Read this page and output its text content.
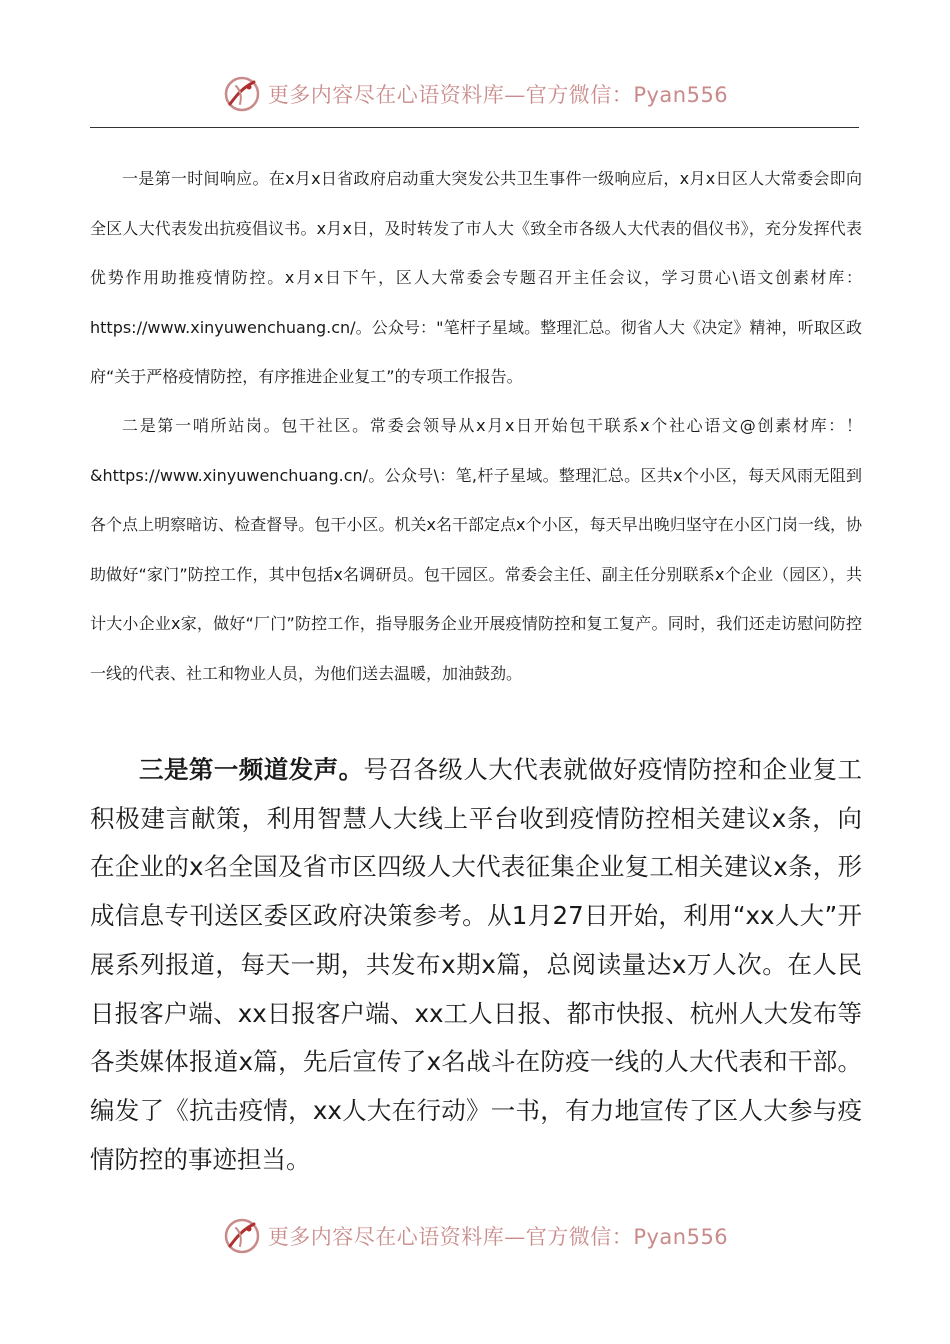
更多内容尽在心语资料库—官方微信：Pyan556

一是第一时间响应。在x月x日省政府启动重大突发公共卫生事件一级响应后，x月x日区人大常委会即向全区人大代表发出抗疫倡议书。x月x日，及时转发了市人大《致全市各级人大代表的倡仪书》，充分发挥代表优势作用助推疫情防控。x月x日下午，区人大常委会专题召开主任会议，学习贯心\语文创素材库：https://www.xinyuwenchuang.cn/。公众号："笔杆子星域。整理汇总。彻省人大《决定》精神，听取区政府“关于严格疫情防控，有序推进企业复工”的专项工作报告。

二是第一哨所站岗。包干社区。常委会领导从x月x日开始包干联系x个社心语文@创素材库：！&https://www.xinyuwenchuang.cn/。公众号\：笔,杆子星域。整理汇总。区共x个小区，每天风雨无阻到各个点上明察暗访、检查督导。包干小区。机关x名干部定点x个小区，每天早出晚归坚守在小区门岗一线，协助做好“家门”防控工作，其中包括x名调研员。包干园区。常委会主任、副主任分别联系x个企业（园区），共计大小企业x家，做好“厂门”防控工作，指导服务企业开展疫情防控和复工复产。同时，我们还走访慰问防控一线的代表、社工和物业人员，为他们送去温暖，加油鼓劲。

三是第一频道发声。号召各级人大代表就做好疫情防控和企业复工积极建言献策，利用智慧人大线上平台收到疫情防控相关建议x条，向在企业的x名全国及省市区四级人大代表征集企业复工相关建议x条，形成信息专刊送区委区政府决策参考。从1月27日开始，利用“xx人大”开展系列报道，每天一期，共发布x期x篇，总阅读量达x万人次。在人民日报客户端、xx日报客户端、xx工人日报、都市快报、杭州人大发布等各类媒体报道x篇，先后宣传了x名战斗在防疫一线的人大代表和干部。编发了《抗击疫情，xx人大在行动》一书，有力地宣传了区人大参与疫情防控的事迹担当。

更多内容尽在心语资料库—官方微信：Pyan556
